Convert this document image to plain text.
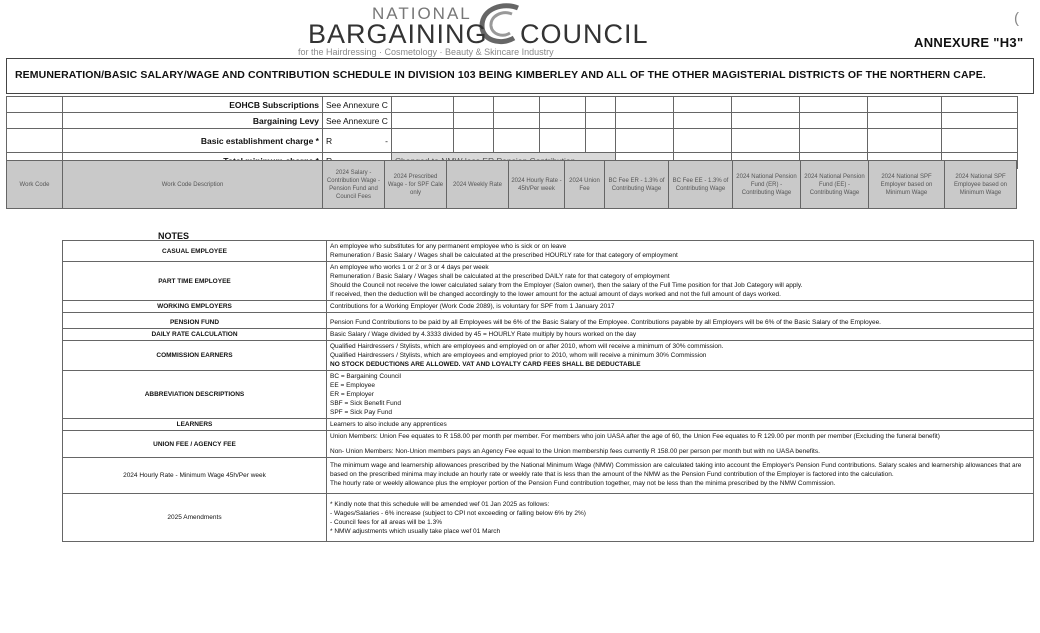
NATIONAL
BARGAINING COUNCIL
for the Hairdressing · Cosmetology · Beauty & Skincare Industry
(
ANNEXURE "H3"
REMUNERATION/BASIC SALARY/WAGE AND CONTRIBUTION SCHEDULE IN DIVISION 103 BEING KIMBERLEY AND ALL OF THE OTHER MAGISTERIAL DISTRICTS OF THE NORTHERN CAPE.
	EOHCB Subscriptions	See Annexure C												
	Bargaining Levy	See Annexure C												
	Basic establishment charge *	R	-											

Work Code	Work Code Description	2024 Salary - Contribution Wage - Pension Fund and Council Fees	2024 Prescribed Wage - for SPF Cale only	2024 Weekly Rate	2024 Hourly Rate - 45h/Per week	2024 Union Fee	BC Fee ER - 1.3% of Contributing Wage	BC Fee EE - 1.3% of Contributing Wage	2024 National Pension Fund (ER) - Contributing Wage	2024 National Pension Fund (EE) - Contributing Wage	2024 National SPF Employer based on Minimum Wage	2024 National SPF Employee based on Minimum Wage
NOTES
CASUAL EMPLOYEE	An employee who substitutes for any permanent employee who is sick or on leave
Remuneration / Basic Salary / Wages shall be calculated at the prescribed HOURLY rate for that category of employment

PART TIME EMPLOYEE	An employee who works 1 or 2 or 3 or 4 days per week
Remuneration / Basic Salary / Wages shall be calculated at the prescribed DAILY rate for that category of employment
Should the Council not receive the lower calculated salary from the Employer (Salon owner), then the salary of the Full Time position for that Job Category will apply.
If received, then the deduction will be changed accordingly to the lower amount for the actual amount of days worked and not the full amount of days worked.

WORKING EMPLOYERS	Contributions for a Working Employer (Work Code 2089), is voluntary for SPF from 1 January 2017

PENSION FUND	Pension Fund Contributions to be paid by all Employees will be 6% of the Basic Salary of the Employee. Contributions payable by all Employers will be 6% of the Basic Salary of the Employee.

DAILY RATE CALCULATION	Basic Salary / Wage divided by 4.3333 divided by 45 = HOURLY Rate multiply by hours worked on the day

COMMISSION EARNERS	Qualified Hairdressers / Stylists, which are employees and employed on or after 2010, whom will receive a minimum of 30% commission.
Qualified Hairdressers / Stylists, which are employees and employed prior to 2010, whom will receive a minimum 30% Commission
NO STOCK DEDUCTIONS ARE ALLOWED. VAT AND LOYALTY CARD FEES SHALL BE DEDUCTABLE

ABBREVIATION DESCRIPTIONS	BC = Bargaining Council
EE = Employee
ER = Employer
SBF = Sick Benefit Fund
SPF = Sick Pay Fund

LEARNERS	Learners to also include any apprentices

UNION FEE / AGENCY FEE	Union Members: Union Fee equates to R 158.00 per month per member. For members who join UASA after the age of 60, the Union Fee equates to R 129.00 per month per member (Excluding the funeral benefit)
Non- Union Members: Non-Union members pays an Agency Fee equal to the Union membership fees currently R 158.00 per person per month but with no UASA benefits.

2024 Hourly Rate - Minimum Wage 45h/Per week	The minimum wage and learnership allowances prescribed by the National Minimum Wage (NMW) Commission are calculated taking into account the Employer's Pension Fund contributions. Salary scales and learnership allowances that are based on the prescribed minima may include an hourly rate or weekly rate that is less than the amount of the NMW as the Pension Fund contribution of the Employer is factored into the calculation.
The hourly rate or weekly allowance plus the employer portion of the Pension Fund contribution together, may not be less than the minima prescribed by the NMW Commission.

2025 Amendments	* Kindly note that this schedule will be amended wef 01 Jan 2025 as follows:
- Wages/Salaries - 6% increase (subject to CPI not exceeding or falling below 6% by 2%)
- Council fees for all areas will be 1.3%
* NMW adjustments which usually take place wef 01 March
